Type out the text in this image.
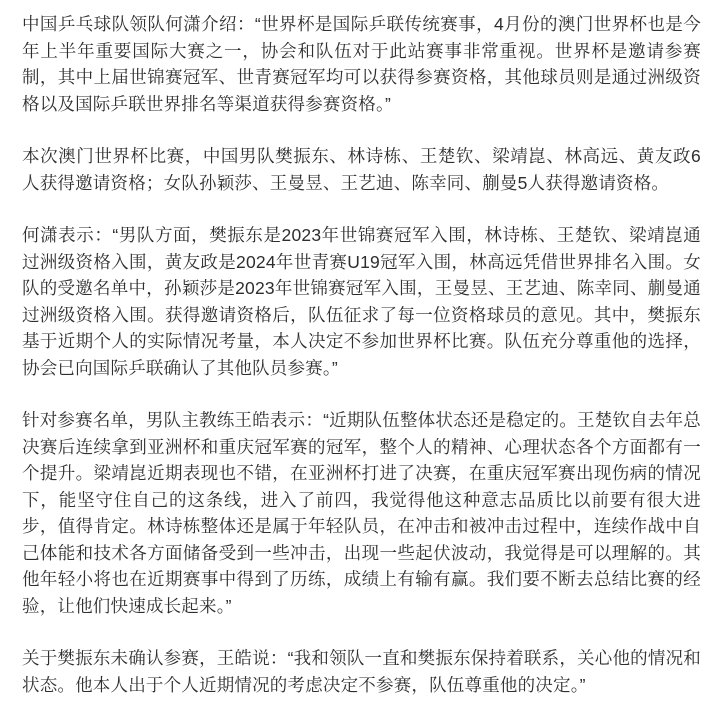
中国乒乓球队领队何潇介绍：“世界杯是国际乒联传统赛事，4月份的澳门世界杯也是今年上半年重要国际大赛之一，协会和队伍对于此站赛事非常重视。世界杯是邀请参赛制，其中上届世锦赛冠军、世青赛冠军均可以获得参赛资格，其他球员则是通过洲级资格以及国际乒联世界排名等渠道获得参赛资格。”

本次澳门世界杯比赛，中国男队樊振东、林诗栋、王楚钦、梁靖崑、林高远、黄友政6人获得邀请资格；女队孙颖莎、王曼昱、王艺迪、陈幸同、蒯曼5人获得邀请资格。

何潇表示：“男队方面，樊振东是2023年世锦赛冠军入围，林诗栋、王楚钦、梁靖崑通过洲级资格入围，黄友政是2024年世青赛U19冠军入围，林高远凭借世界排名入围。女队的受邀名单中，孙颖莎是2023年世锦赛冠军入围，王曼昱、王艺迪、陈幸同、蒯曼通过洲级资格入围。获得邀请资格后，队伍征求了每一位资格球员的意见。其中，樊振东基于近期个人的实际情况考量，本人决定不参加世界杯比赛。队伍充分尊重他的选择，协会已向国际乒联确认了其他队员参赛。”

针对参赛名单，男队主教练王皓表示：“近期队伍整体状态还是稳定的。王楚钦自去年总决赛后连续拿到亚洲杯和重庆冠军赛的冠军，整个人的精神、心理状态各个方面都有一个提升。梁靖崑近期表现也不错，在亚洲杯打进了决赛，在重庆冠军赛出现伤病的情况下，能坚守住自己的这条线，进入了前四，我觉得他这种意志品质比以前要有很大进步，值得肯定。林诗栋整体还是属于年轻队员，在冲击和被冲击过程中，连续作战中自己体能和技术各方面储备受到一些冲击，出现一些起伏波动，我觉得是可以理解的。其他年轻小将也在近期赛事中得到了历练，成绩上有输有赢。我们要不断去总结比赛的经验，让他们快速成长起来。”

关于樊振东未确认参赛，王皓说：“我和领队一直和樊振东保持着联系，关心他的情况和状态。他本人出于个人近期情况的考虑决定不参赛，队伍尊重他的决定。”
